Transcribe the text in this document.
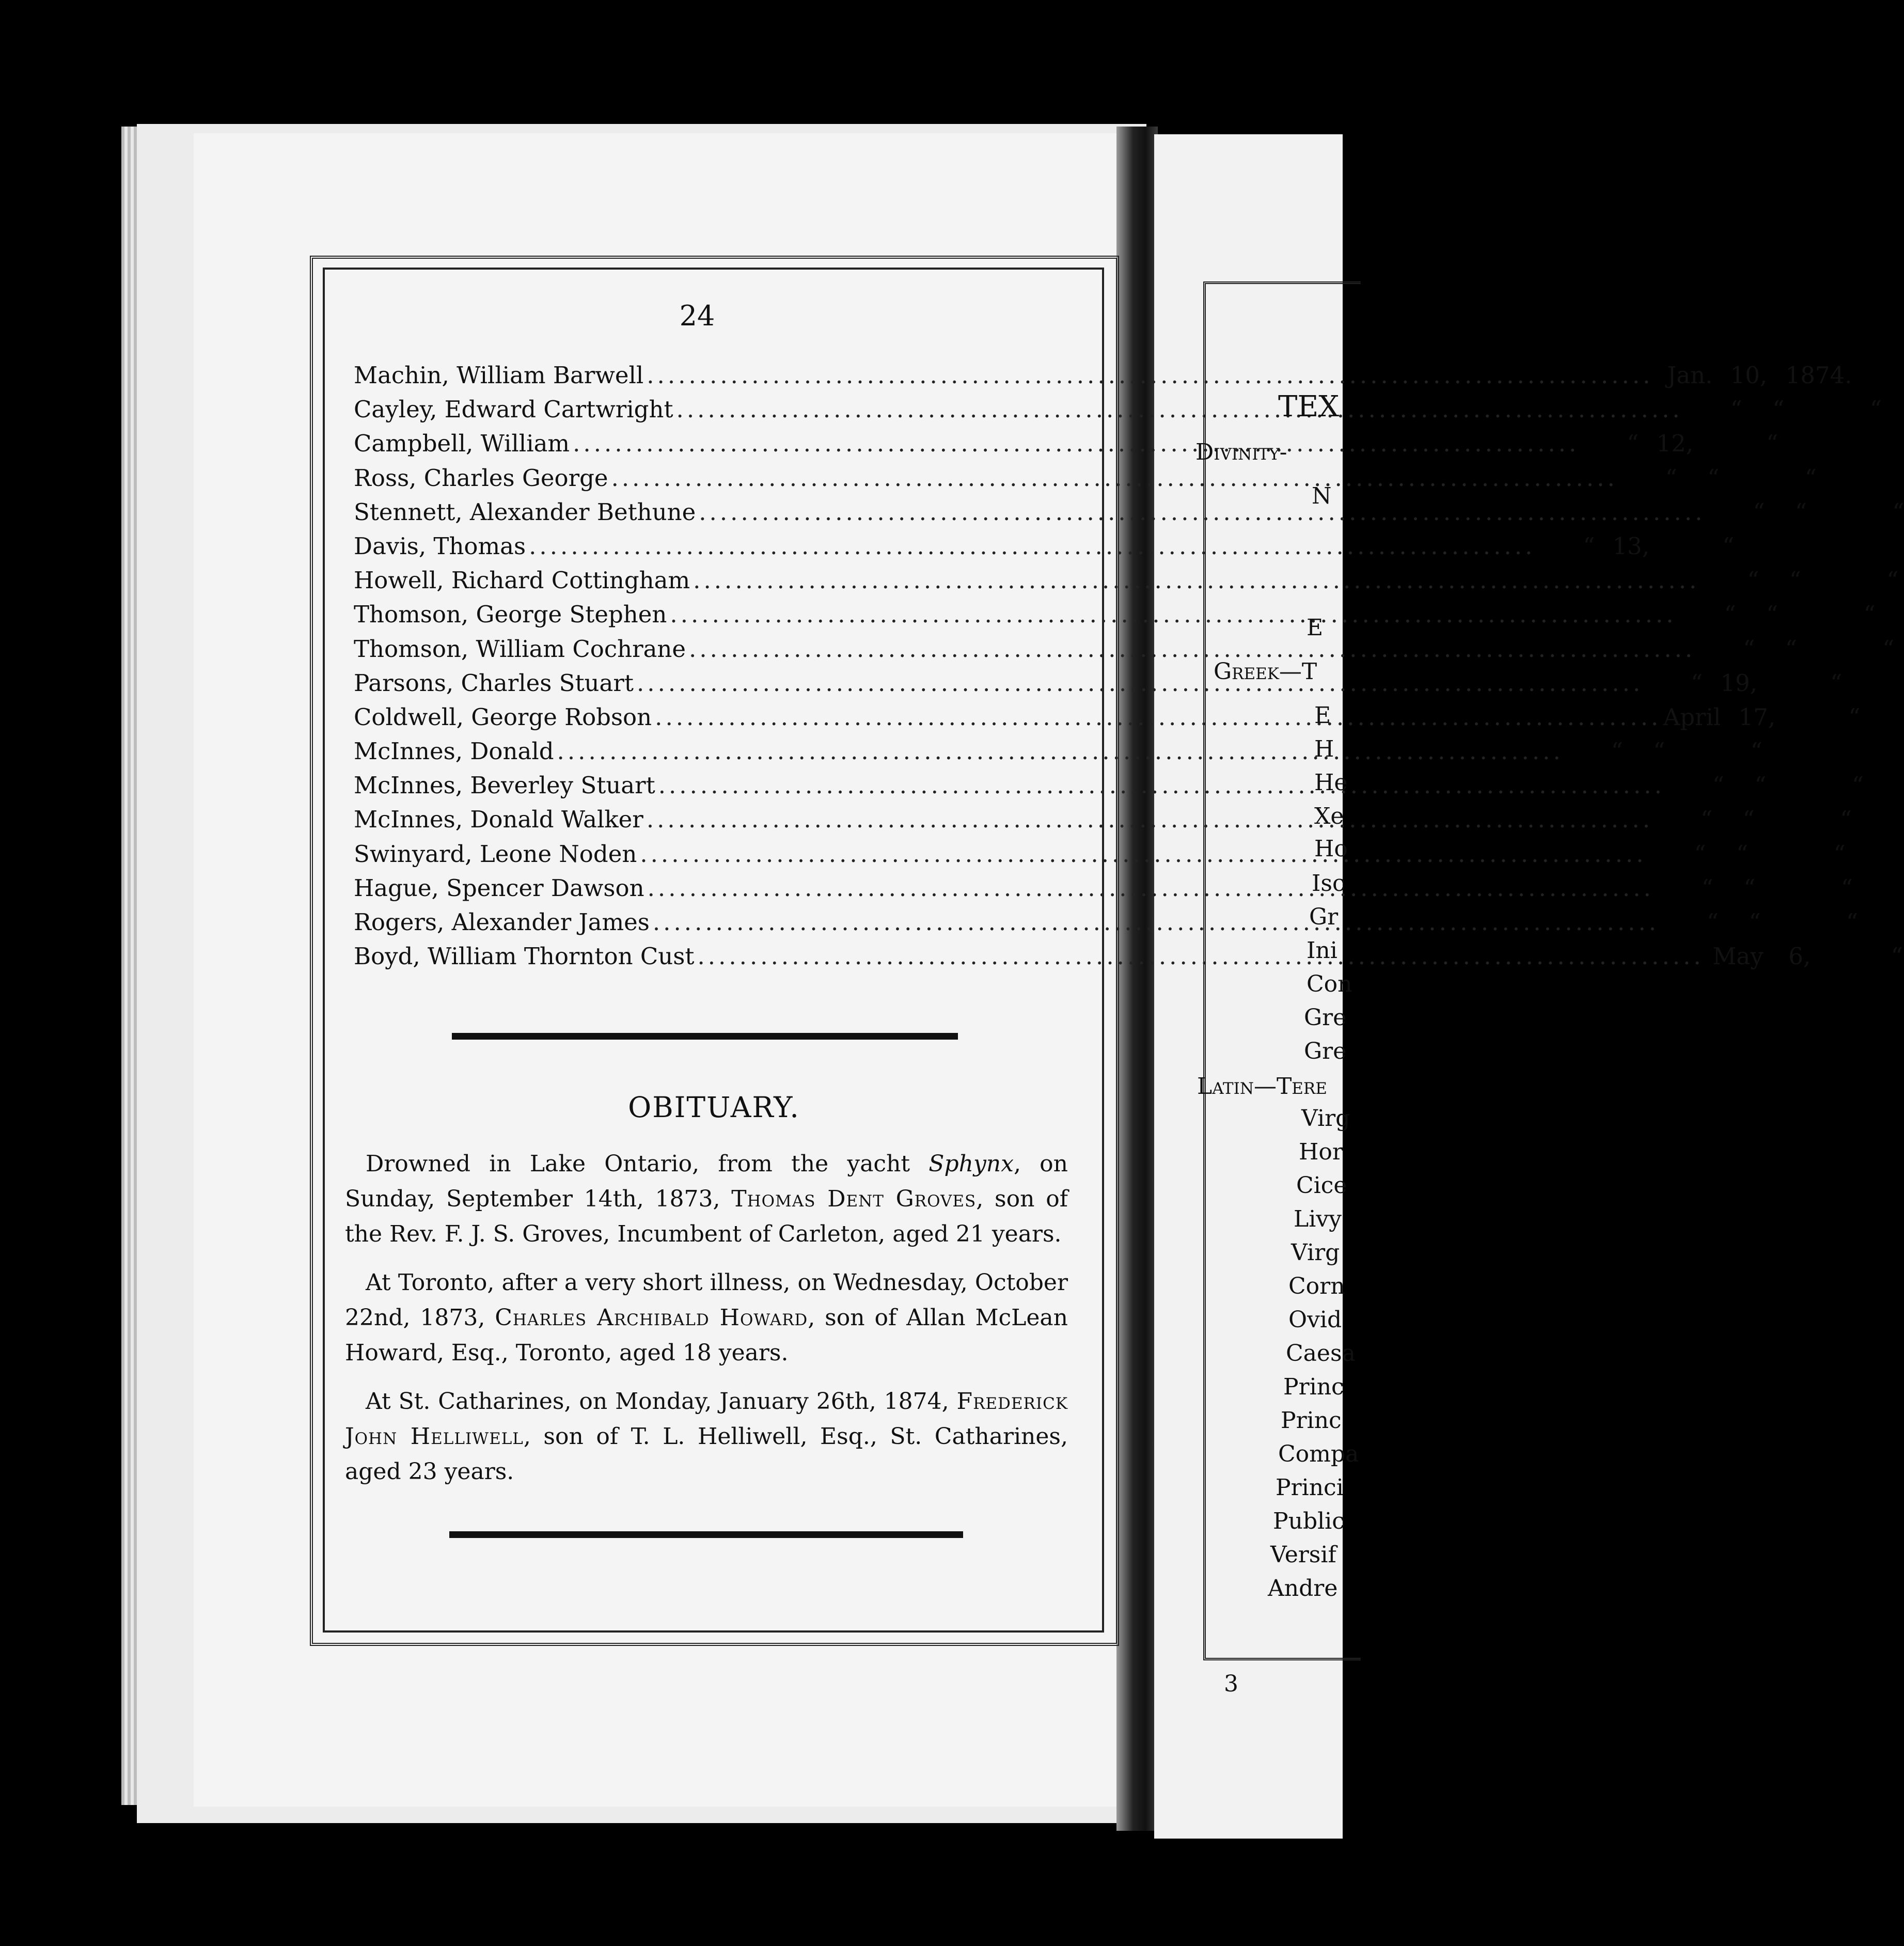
24
Machin, William Barwell .....	Jan. 10, 1874.
Cayley, Edward Cartwright .....	“	“	“
Campbell, William .....	“ 12,	“
Ross, Charles George .....	“	“	“
Stennett, Alexander Bethune .....	“	“	“
Davis, Thomas .....	“ 13,	“
Howell, Richard Cottingham .....	“	“	“
Thomson, George Stephen .....	“	“	“
Thomson, William Cochrane .....	“	“	“
Parsons, Charles Stuart .....	“ 19,	“
Coldwell, George Robson .....	April 17,	“
McInnes, Donald .....	“	“	“
McInnes, Beverley Stuart .....	“	“	“
McInnes, Donald Walker .....	“	“	“
Swinyard, Leone Noden .....	“	“	“
Hague, Spencer Dawson .....	“	“	“
Rogers, Alexander James .....	“	“	“
Boyd, William Thornton Cust .....	May	6,	“
OBITUARY.
Drowned in Lake Ontario, from the yacht Sphynx, on Sunday, September 14th, 1873, Thomas Dent Groves, son of the Rev. F. J. S. Groves, Incumbent of Carleton, aged 21 years.
At Toronto, after a very short illness, on Wednesday, October 22nd, 1873, Charles Archibald Howard, son of Allan McLean Howard, Esq., Toronto, aged 18 years.
At St. Catharines, on Monday, January 26th, 1874, Frederick John Helliwell, son of T. L. Helliwell, Esq., St. Catharines, aged 23 years.
TEX
Divinity-
N
E
Greek—T
E
H
He
Xe
Ho
Isc
Gr
Ini
Con
Gre
Gre
Latin—Tere
Virg
Hor
Cice
Livy
Virg
Corn
Ovid
Caesa
Princ
Princ
Compa
Princi
Public
Versif
Andre
3
